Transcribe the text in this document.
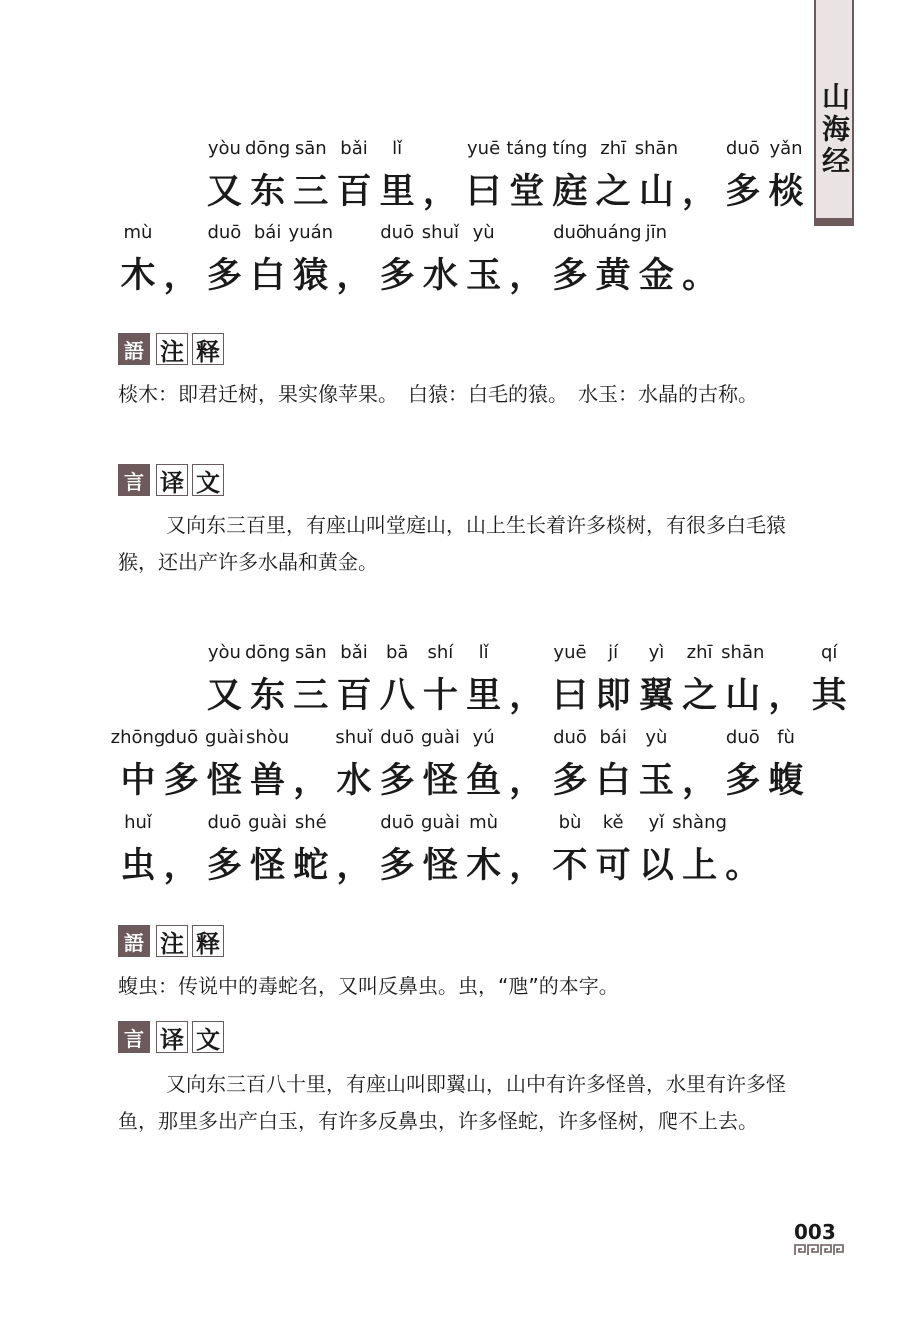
山海经
又
yòu
东
dōng
三
sān
百
bǎi
里
lǐ
， 曰
yuē
堂
táng
庭
tíng
之
zhī
山
shān
， 多
duō
棪
yǎn
木
mù
， 多
duō
白
bái
猿
yuán
， 多
duō
水
shuǐ
玉
yù
， 多
duō
黄
huáng
金
jīn
。
語 注 释
棪木：即君迁树，果实像苹果。　白猿：白毛的猿。　水玉：水晶的古称。
言 译 文
又向东三百里，有座山叫堂庭山，山上生长着许多棪树，有很多白毛猿猴，还出产许多水晶和黄金。
又
yòu
东
dōng
三
sān
百
bǎi
八
bā
十
shí
里
lǐ
， 曰
yuē
即
jí
翼
yì
之
zhī
山
shān
， 其
qí
中
zhōng
多
duō
怪
guài
兽
shòu
， 水
shuǐ
多
duō
怪
guài
鱼
yú
， 多
duō
白
bái
玉
yù
， 多
duō
蝮
fù
虫
huǐ
， 多
duō
怪
guài
蛇
shé
， 多
duō
怪
guài
木
mù
， 不
bù
可
kě
以
yǐ
上
shàng
。
語 注 释
蝮虫：传说中的毒蛇名，又叫反鼻虫。虫，“虺”的本字。
言 译 文
又向东三百八十里，有座山叫即翼山，山中有许多怪兽，水里有许多怪鱼，那里多出产白玉，有许多反鼻虫，许多怪蛇，许多怪树，爬不上去。
003
